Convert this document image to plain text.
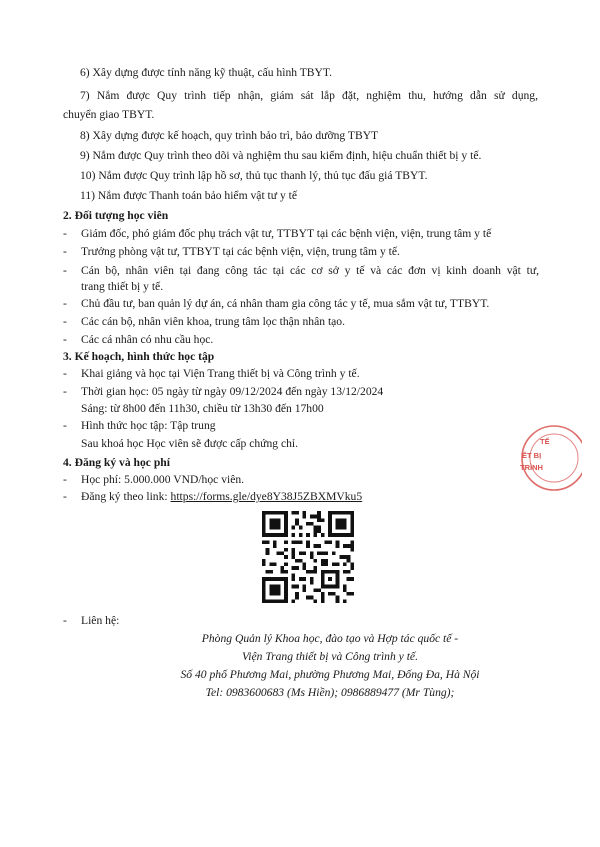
6) Xây dựng được tính năng kỹ thuật, cấu hình TBYT.
7) Nắm được Quy trình tiếp nhận, giám sát lắp đặt, nghiệm thu, hướng dẫn sử dụng,
chuyển giao TBYT.
8) Xây dựng được kế hoạch, quy trình bảo trì, bảo dưỡng TBYT
9) Nắm được Quy trình theo dõi và nghiệm thu sau kiểm định, hiệu chuẩn thiết bị y tế.
10) Nắm được Quy trình lập hồ sơ, thủ tục thanh lý, thủ tục đấu giá TBYT.
11) Nắm được Thanh toán bảo hiểm vật tư y tế
2. Đối tượng học viên
- Giám đốc, phó giám đốc phụ trách vật tư, TTBYT tại các bệnh viện, viện, trung tâm y tế
- Trưởng phòng vật tư, TTBYT tại các bệnh viện, viện, trung tâm y tế.
- Cán bộ, nhân viên tại đang công tác tại các cơ sở y tế và các đơn vị kinh doanh vật tư,
trang thiết bị y tế.
- Chủ đầu tư, ban quản lý dự án, cá nhân tham gia công tác y tế, mua sắm vật tư, TTBYT.
- Các cán bộ, nhân viên khoa, trung tâm lọc thận nhân tạo.
- Các cá nhân có nhu cầu học.
3. Kế hoạch, hình thức học tập
- Khai giảng và học tại Viện Trang thiết bị và Công trình y tế.
- Thời gian học: 05 ngày từ ngày 09/12/2024 đến ngày 13/12/2024
Sáng: từ 8h00 đến 11h30, chiều từ 13h30 đến 17h00
- Hình thức học tập: Tập trung
Sau khoá học Học viên sẽ được cấp chứng chỉ.
4. Đăng ký và học phí
- Học phí: 5.000.000 VND/học viên.
- Đăng ký theo link: https://forms.gle/dye8Y38J5ZBXMVku5
- Liên hệ:
Phòng Quản lý Khoa học, đào tạo và Hợp tác quốc tế -
Viện Trang thiết bị và Công trình y tế.
Số 40 phố Phương Mai, phường Phương Mai, Đống Đa, Hà Nội
Tel: 0983600683 (Ms Hiền); 0986889477 (Mr Tùng);
TẾ
ẾT BỊ
TRÌNH
